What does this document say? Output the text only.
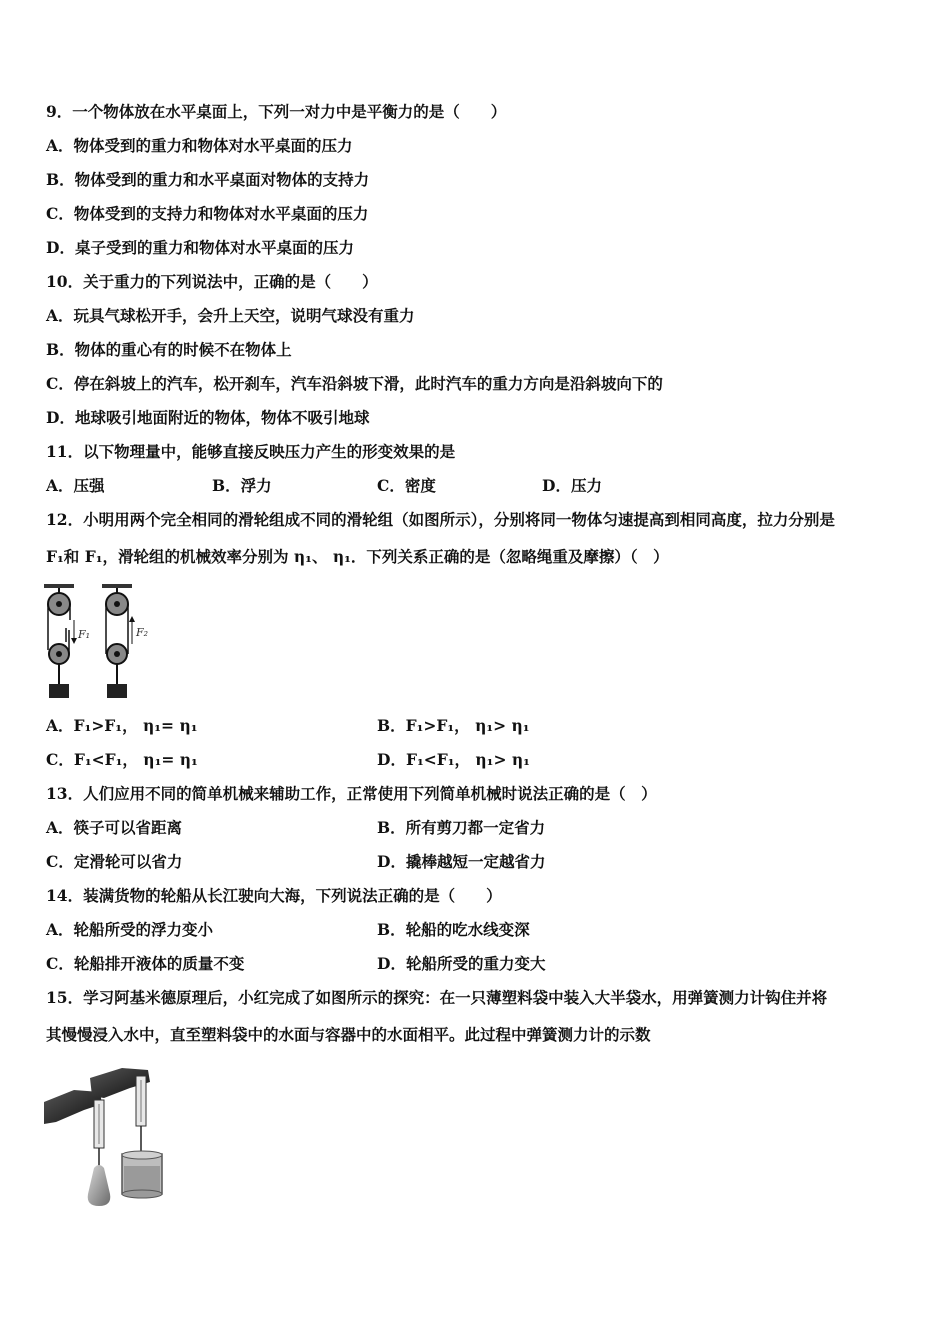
9．一个物体放在水平桌面上，下列一对力中是平衡力的是（　　）
A．物体受到的重力和物体对水平桌面的压力
B．物体受到的重力和水平桌面对物体的支持力
C．物体受到的支持力和物体对水平桌面的压力
D．桌子受到的重力和物体对水平桌面的压力
10．关于重力的下列说法中，正确的是（　　）
A．玩具气球松开手，会升上天空，说明气球没有重力
B．物体的重心有的时候不在物体上
C．停在斜坡上的汽车，松开刹车，汽车沿斜坡下滑，此时汽车的重力方向是沿斜坡向下的
D．地球吸引地面附近的物体，物体不吸引地球
11．以下物理量中，能够直接反映压力产生的形变效果的是
A．压强	B．浮力	C．密度	D．压力
12．小明用两个完全相同的滑轮组成不同的滑轮组（如图所示），分别将同一物体匀速提高到相同高度，拉力分别是
F₁和 F₁，滑轮组的机械效率分别为 η₁、 η₁．下列关系正确的是（忽略绳重及摩擦）（　）
F₁	F₂
A．F₁>F₁， η₁= η₁	B．F₁>F₁， η₁> η₁
C．F₁<F₁， η₁= η₁	D．F₁<F₁， η₁> η₁
13．人们应用不同的简单机械来辅助工作，正常使用下列简单机械时说法正确的是（　）
A．筷子可以省距离	B．所有剪刀都一定省力
C．定滑轮可以省力	D．撬棒越短一定越省力
14．装满货物的轮船从长江驶向大海，下列说法正确的是（　　）
A．轮船所受的浮力变小	B．轮船的吃水线变深
C．轮船排开液体的质量不变	D．轮船所受的重力变大
15．学习阿基米德原理后，小红完成了如图所示的探究：在一只薄塑料袋中装入大半袋水，用弹簧测力计钩住并将
其慢慢浸入水中，直至塑料袋中的水面与容器中的水面相平。此过程中弹簧测力计的示数
